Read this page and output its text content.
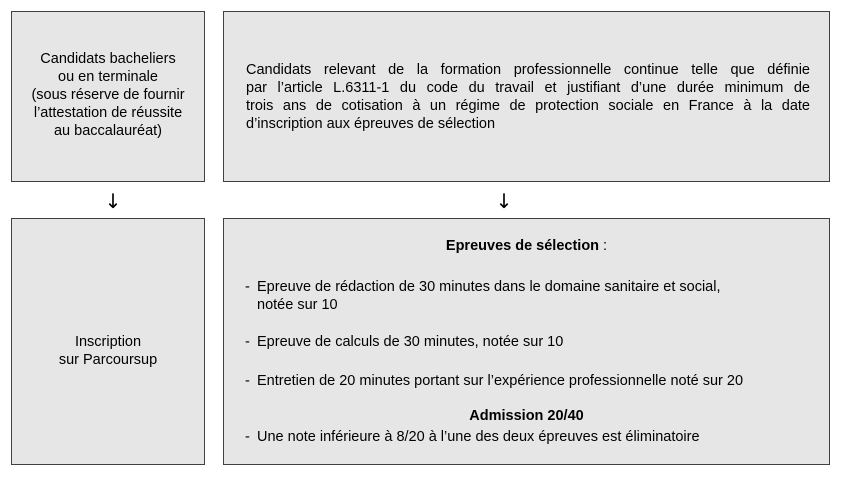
Candidats bacheliers
ou en terminale
(sous réserve de fournir
l’attestation de réussite
au baccalauréat)
Candidats relevant de la formation professionnelle continue telle que définie
par l’article L.6311-1 du code du travail et justifiant d’une durée minimum de
trois ans de cotisation à un régime de protection sociale en France à la date
d’inscription aux épreuves de sélection
↓	↓
Inscription
sur Parcoursup
Epreuves de sélection :
- Epreuve de rédaction de 30 minutes dans le domaine sanitaire et social,
notée sur 10
- Epreuve de calculs de 30 minutes, notée sur 10
- Entretien de 20 minutes portant sur l’expérience professionnelle noté sur 20
Admission 20/40
- Une note inférieure à 8/20 à l’une des deux épreuves est éliminatoire
